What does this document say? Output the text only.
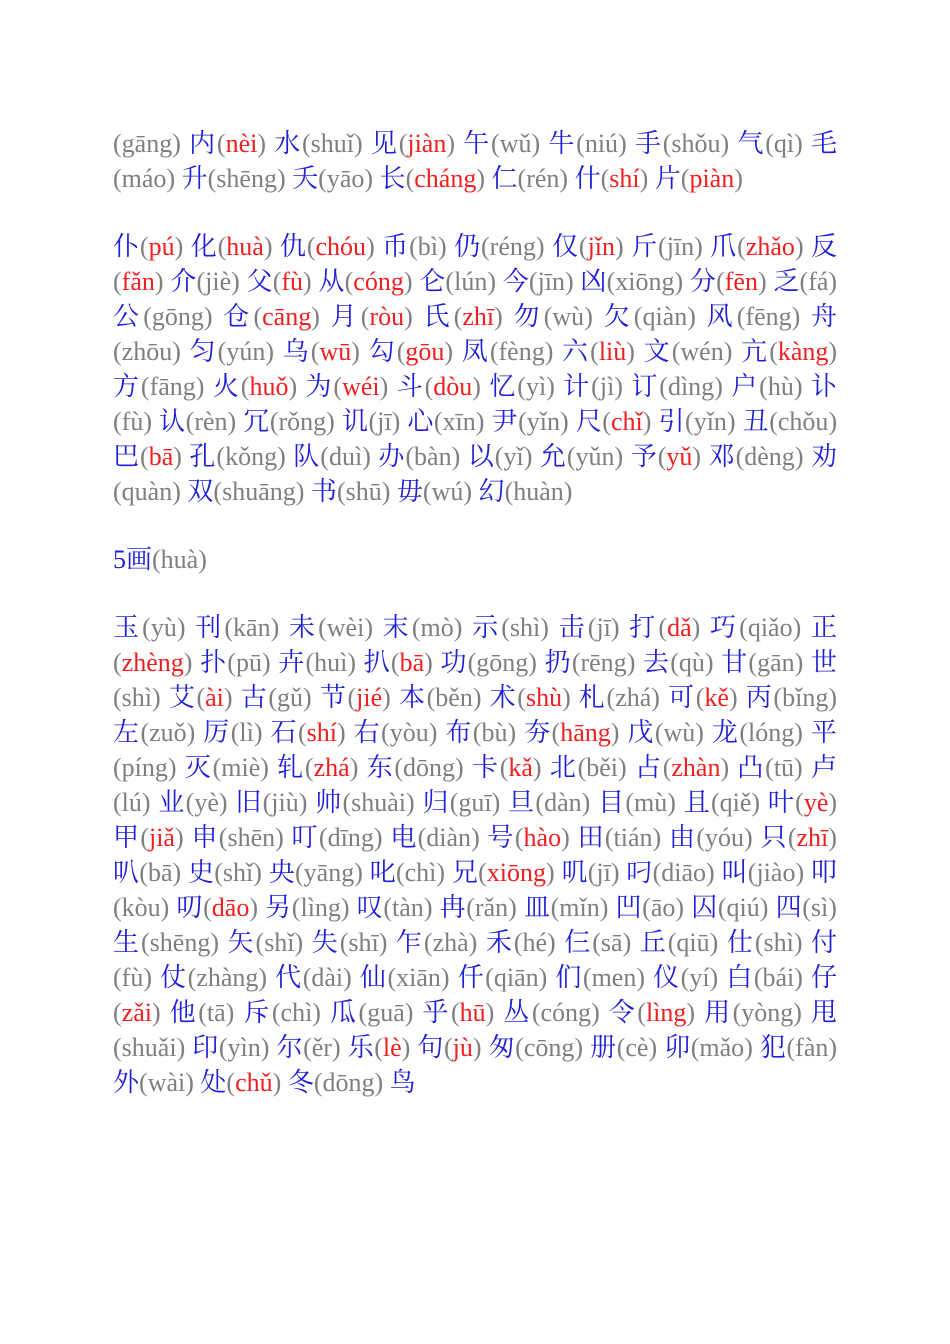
(gāng) 内(nèi) 水(shuǐ) 见(jiàn) 午(wǔ) 牛(niú) 手(shǒu) 气(qì) 毛(máo) 升(shēng) 夭(yāo) 长(cháng) 仁(rén) 什(shí) 片(piàn)

仆(pú) 化(huà) 仇(chóu) 币(bì) 仍(réng) 仅(jǐn) 斤(jīn) 爪(zhǎo) 反(fǎn) 介(jiè) 父(fù) 从(cóng) 仑(lún) 今(jīn) 凶(xiōng) 分(fēn) 乏(fá) 公(gōng) 仓(cāng) 月(ròu) 氏(zhī) 勿(wù) 欠(qiàn) 风(fēng) 舟(zhōu) 匀(yún) 乌(wū) 勾(gōu) 凤(fèng) 六(liù) 文(wén) 亢(kàng) 方(fāng) 火(huǒ) 为(wéi) 斗(dòu) 忆(yì) 计(jì) 订(dìng) 户(hù) 讣(fù) 认(rèn) 冗(rǒng) 讥(jī) 心(xīn) 尹(yǐn) 尺(chǐ) 引(yǐn) 丑(chǒu) 巴(bā) 孔(kǒng) 队(duì) 办(bàn) 以(yǐ) 允(yǔn) 予(yǔ) 邓(dèng) 劝(quàn) 双(shuāng) 书(shū) 毋(wú) 幻(huàn)

5画(huà)

玉(yù) 刊(kān) 未(wèi) 末(mò) 示(shì) 击(jī) 打(dǎ) 巧(qiǎo) 正(zhèng) 扑(pū) 卉(huì) 扒(bā) 功(gōng) 扔(rēng) 去(qù) 甘(gān) 世(shì) 艾(ài) 古(gǔ) 节(jié) 本(běn) 术(shù) 札(zhá) 可(kě) 丙(bǐng) 左(zuǒ) 厉(lì) 石(shí) 右(yòu) 布(bù) 夯(hāng) 戊(wù) 龙(lóng) 平(píng) 灭(miè) 轧(zhá) 东(dōng) 卡(kǎ) 北(běi) 占(zhàn) 凸(tū) 卢(lú) 业(yè) 旧(jiù) 帅(shuài) 归(guī) 旦(dàn) 目(mù) 且(qiě) 叶(yè) 甲(jiǎ) 申(shēn) 叮(dīng) 电(diàn) 号(hào) 田(tián) 由(yóu) 只(zhī) 叭(bā) 史(shǐ) 央(yāng) 叱(chì) 兄(xiōng) 叽(jī) 叼(diāo) 叫(jiào) 叩(kòu) 叨(dāo) 另(lìng) 叹(tàn) 冉(rǎn) 皿(mǐn) 凹(āo) 囚(qiú) 四(sì) 生(shēng) 矢(shǐ) 失(shī) 乍(zhà) 禾(hé) 仨(sā) 丘(qiū) 仕(shì) 付(fù) 仗(zhàng) 代(dài) 仙(xiān) 仟(qiān) 们(men) 仪(yí) 白(bái) 仔(zǎi) 他(tā) 斥(chì) 瓜(guā) 乎(hū) 丛(cóng) 令(lìng) 用(yòng) 甩(shuǎi) 印(yìn) 尔(ěr) 乐(lè) 句(jù) 匆(cōng) 册(cè) 卯(mǎo) 犯(fàn) 外(wài) 处(chǔ) 冬(dōng) 鸟
